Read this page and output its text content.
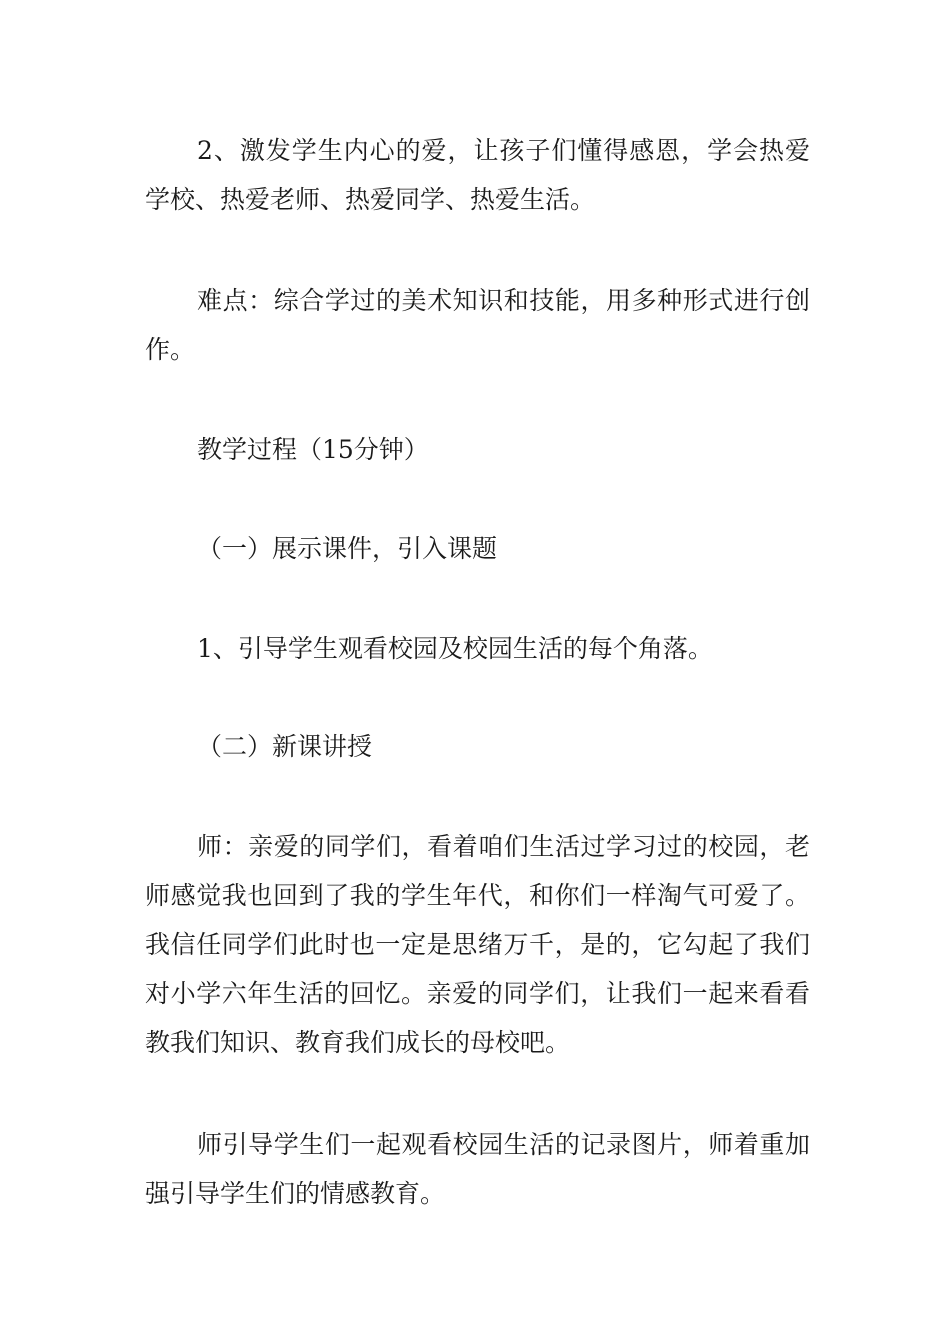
2、激发学生内心的爱，让孩子们懂得感恩，学会热爱学校、热爱老师、热爱同学、热爱生活。

难点：综合学过的美术知识和技能，用多种形式进行创作。

教学过程（15分钟）

（一）展示课件，引入课题

1、引导学生观看校园及校园生活的每个角落。

（二）新课讲授

师：亲爱的同学们，看着咱们生活过学习过的校园，老师感觉我也回到了我的学生年代，和你们一样淘气可爱了。我信任同学们此时也一定是思绪万千，是的，它勾起了我们对小学六年生活的回忆。亲爱的同学们，让我们一起来看看教我们知识、教育我们成长的母校吧。

师引导学生们一起观看校园生活的记录图片，师着重加强引导学生们的情感教育。
